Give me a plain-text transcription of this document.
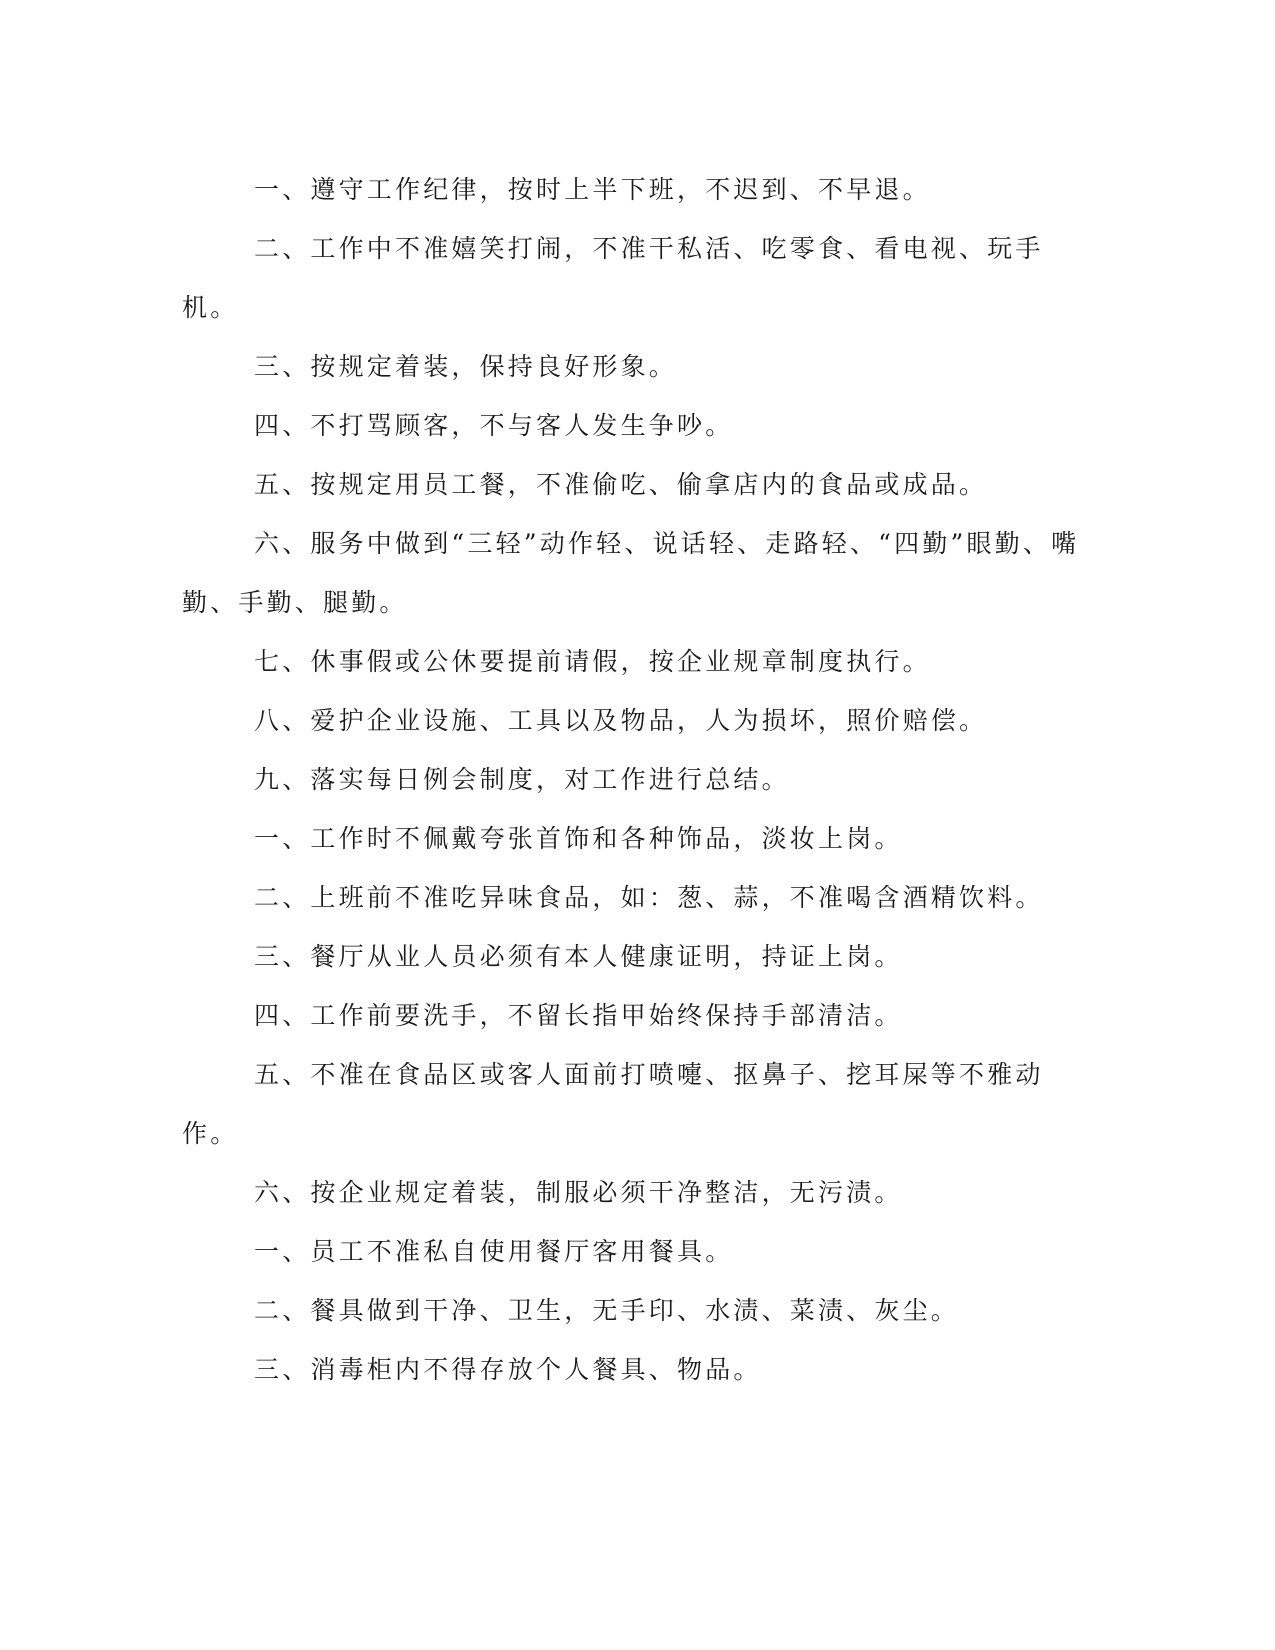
一、遵守工作纪律，按时上半下班，不迟到、不早退。

二、工作中不准嬉笑打闹，不准干私活、吃零食、看电视、玩手机。

三、按规定着装，保持良好形象。

四、不打骂顾客，不与客人发生争吵。

五、按规定用员工餐，不准偷吃、偷拿店内的食品或成品。

六、服务中做到“三轻”动作轻、说话轻、走路轻、“四勤”眼勤、嘴勤、手勤、腿勤。

七、休事假或公休要提前请假，按企业规章制度执行。

八、爱护企业设施、工具以及物品，人为损坏，照价赔偿。

九、落实每日例会制度，对工作进行总结。

一、工作时不佩戴夸张首饰和各种饰品，淡妆上岗。

二、上班前不准吃异味食品，如：葱、蒜，不准喝含酒精饮料。

三、餐厅从业人员必须有本人健康证明，持证上岗。

四、工作前要洗手，不留长指甲始终保持手部清洁。

五、不准在食品区或客人面前打喷嚏、抠鼻子、挖耳屎等不雅动作。

六、按企业规定着装，制服必须干净整洁，无污渍。

一、员工不准私自使用餐厅客用餐具。

二、餐具做到干净、卫生，无手印、水渍、菜渍、灰尘。

三、消毒柜内不得存放个人餐具、物品。
